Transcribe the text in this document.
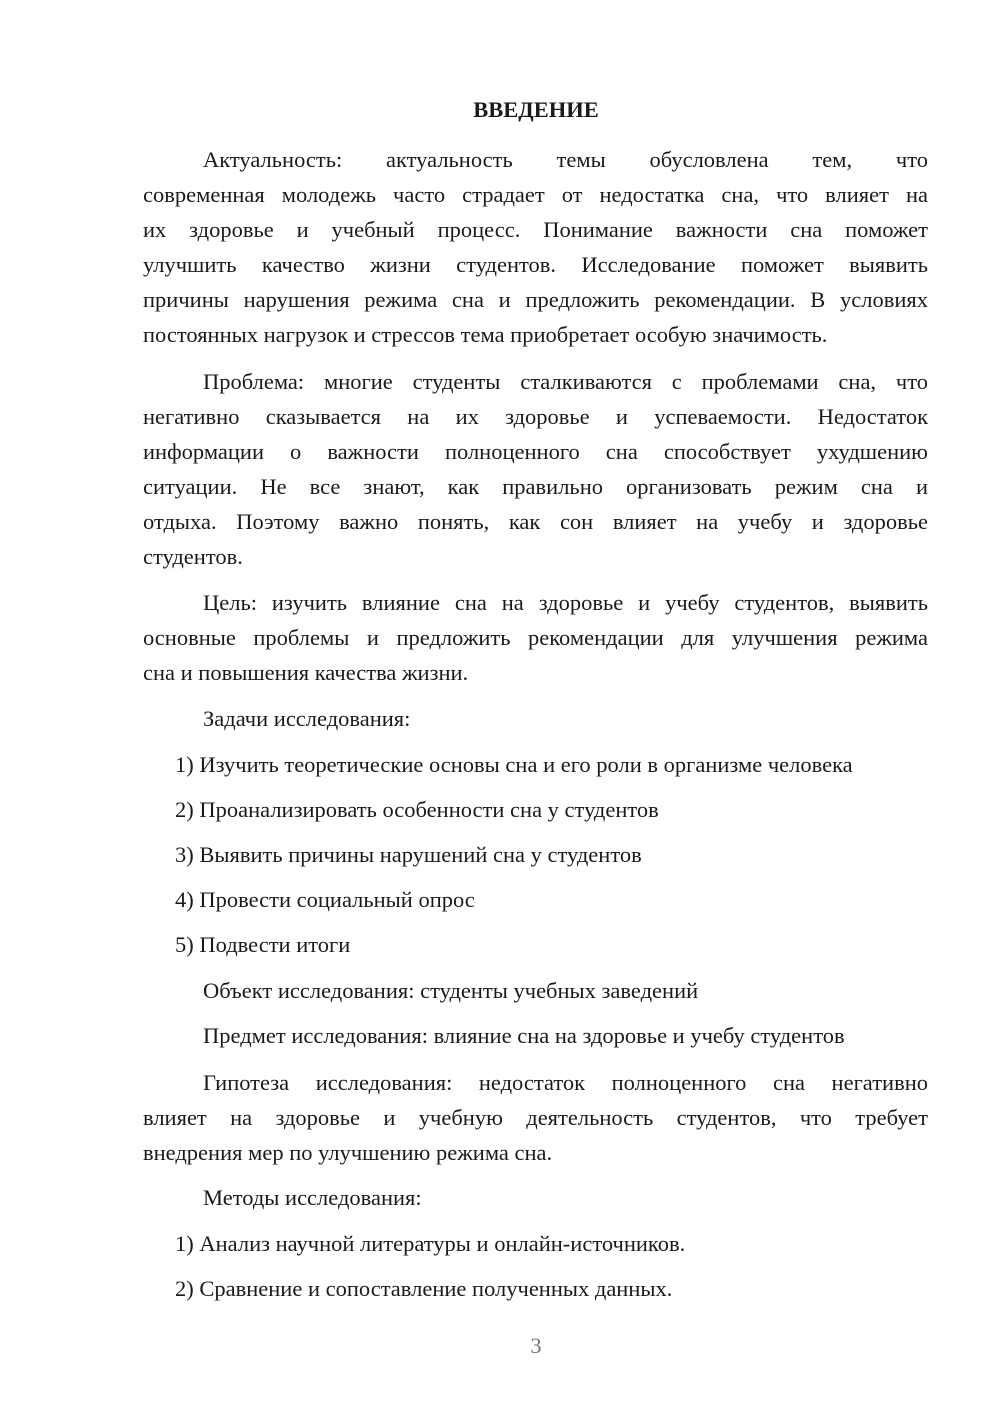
ВВЕДЕНИЕ
Актуальность: актуальность темы обусловлена тем, что
современная молодежь часто страдает от недостатка сна, что влияет на
их здоровье и учебный процесс. Понимание важности сна поможет
улучшить качество жизни студентов. Исследование поможет выявить
причины нарушения режима сна и предложить рекомендации. В условиях
постоянных нагрузок и стрессов тема приобретает особую значимость.
Проблема: многие студенты сталкиваются с проблемами сна, что
негативно сказывается на их здоровье и успеваемости. Недостаток
информации о важности полноценного сна способствует ухудшению
ситуации. Не все знают, как правильно организовать режим сна и
отдыха. Поэтому важно понять, как сон влияет на учебу и здоровье
студентов.
Цель: изучить влияние сна на здоровье и учебу студентов, выявить
основные проблемы и предложить рекомендации для улучшения режима
сна и повышения качества жизни.
Задачи исследования:
1) Изучить теоретические основы сна и его роли в организме человека
2) Проанализировать особенности сна у студентов
3) Выявить причины нарушений сна у студентов
4) Провести социальный опрос
5) Подвести итоги
Объект исследования: студенты учебных заведений
Предмет исследования: влияние сна на здоровье и учебу студентов
Гипотеза исследования: недостаток полноценного сна негативно
влияет на здоровье и учебную деятельность студентов, что требует
внедрения мер по улучшению режима сна.
Методы исследования:
1) Анализ научной литературы и онлайн-источников.
2) Сравнение и сопоставление полученных данных.
3
